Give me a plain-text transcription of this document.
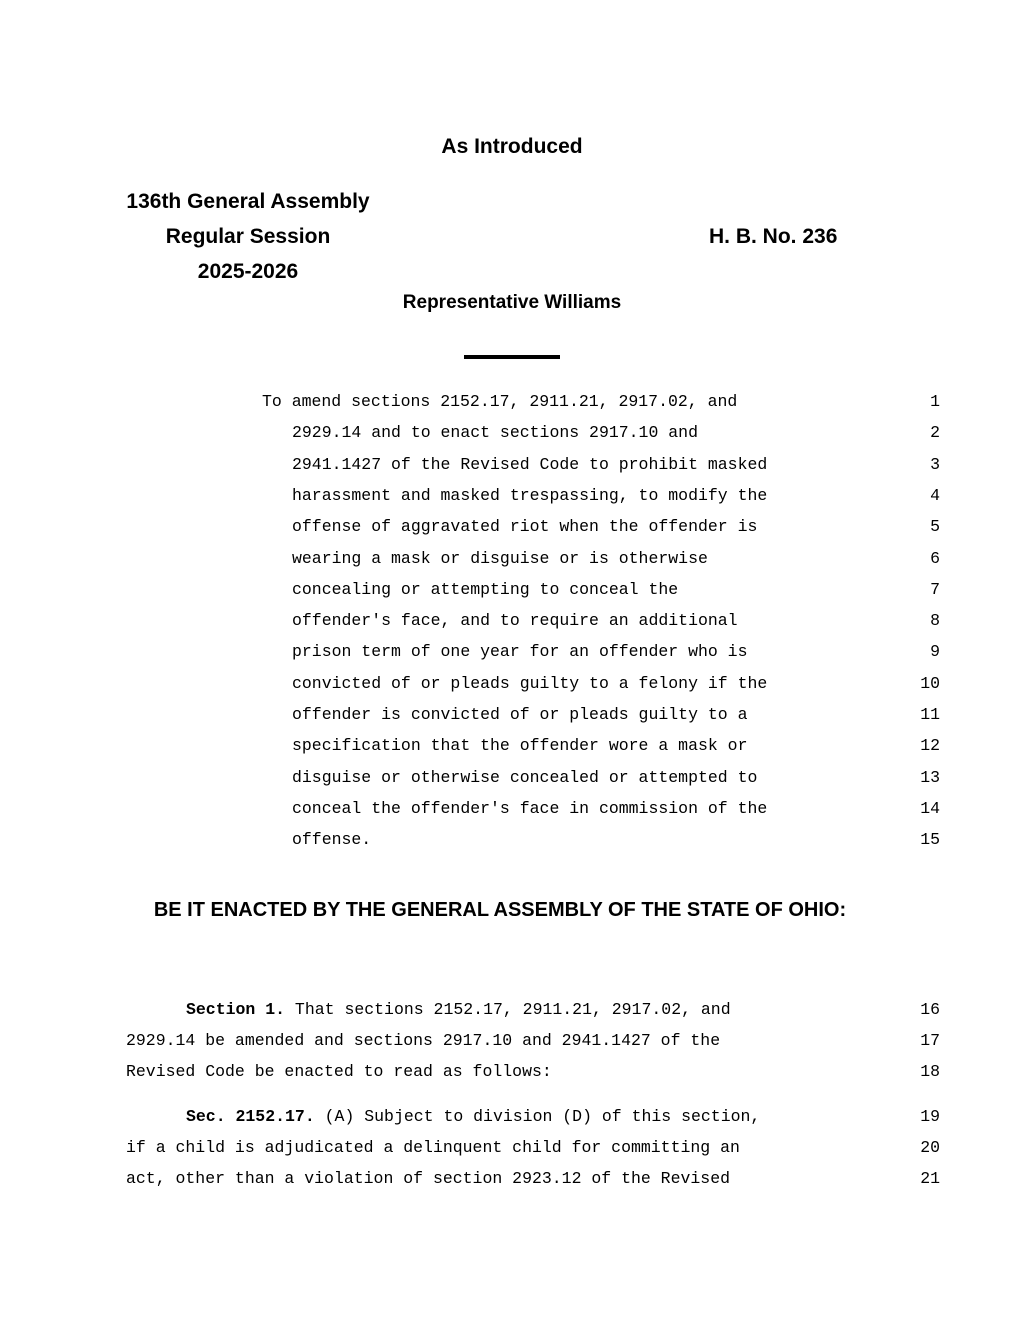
As Introduced
136th General Assembly
Regular Session
2025-2026
H. B. No. 236
Representative Williams
To amend sections 2152.17, 2911.21, 2917.02, and	1
2929.14 and to enact sections 2917.10 and	2
2941.1427 of the Revised Code to prohibit masked	3
harassment and masked trespassing, to modify the	4
offense of aggravated riot when the offender is	5
wearing a mask or disguise or is otherwise	6
concealing or attempting to conceal the	7
offender's face, and to require an additional	8
prison term of one year for an offender who is	9
convicted of or pleads guilty to a felony if the	10
offender is convicted of or pleads guilty to a	11
specification that the offender wore a mask or	12
disguise or otherwise concealed or attempted to	13
conceal the offender's face in commission of the	14
offense.	15
BE IT ENACTED BY THE GENERAL ASSEMBLY OF THE STATE OF OHIO:
Section 1. That sections 2152.17, 2911.21, 2917.02, and
2929.14 be amended and sections 2917.10 and 2941.1427 of the
Revised Code be enacted to read as follows:
16
17
18
Sec. 2152.17. (A) Subject to division (D) of this section,
if a child is adjudicated a delinquent child for committing an
act, other than a violation of section 2923.12 of the Revised
19
20
21
